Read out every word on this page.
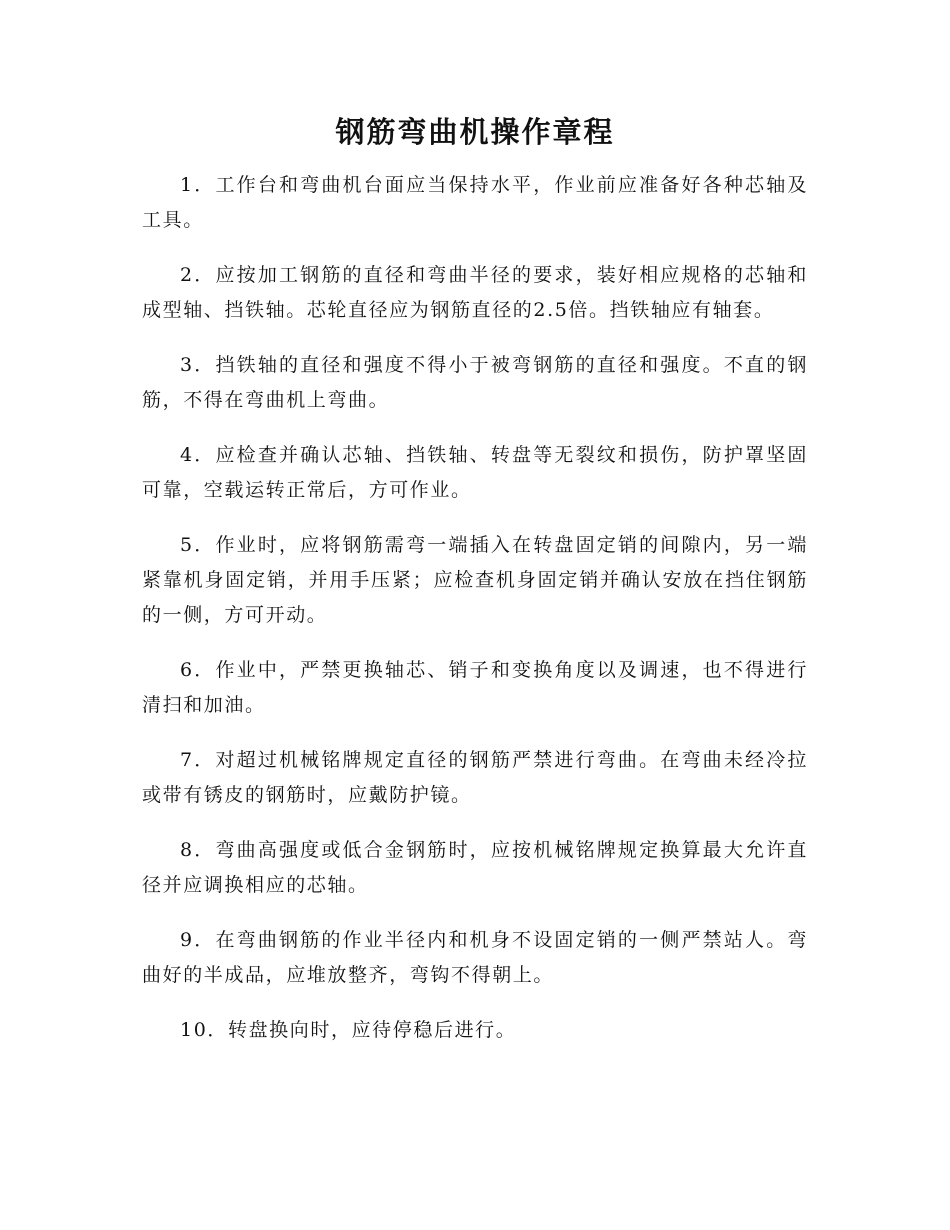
钢筋弯曲机操作章程

1．工作台和弯曲机台面应当保持水平，作业前应准备好各种芯轴及工具。

2．应按加工钢筋的直径和弯曲半径的要求，装好相应规格的芯轴和成型轴、挡铁轴。芯轮直径应为钢筋直径的2.5倍。挡铁轴应有轴套。

3．挡铁轴的直径和强度不得小于被弯钢筋的直径和强度。不直的钢筋，不得在弯曲机上弯曲。

4．应检查并确认芯轴、挡铁轴、转盘等无裂纹和损伤，防护罩坚固可靠，空载运转正常后，方可作业。

5．作业时，应将钢筋需弯一端插入在转盘固定销的间隙内，另一端紧靠机身固定销，并用手压紧；应检查机身固定销并确认安放在挡住钢筋的一侧，方可开动。

6．作业中，严禁更换轴芯、销子和变换角度以及调速，也不得进行清扫和加油。

7．对超过机械铭牌规定直径的钢筋严禁进行弯曲。在弯曲未经冷拉或带有锈皮的钢筋时，应戴防护镜。

8．弯曲高强度或低合金钢筋时，应按机械铭牌规定换算最大允许直径并应调换相应的芯轴。

9．在弯曲钢筋的作业半径内和机身不设固定销的一侧严禁站人。弯曲好的半成品，应堆放整齐，弯钩不得朝上。

10．转盘换向时，应待停稳后进行。
